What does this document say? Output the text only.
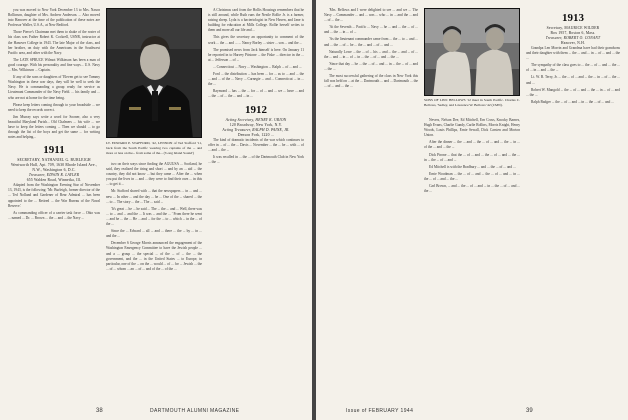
you was moved to New York December 13 to Mrs. Nason Rollinson, daughter of Mrs. Andrew Anderson. ... Also moved into Hanover at the time of the publication of these notes are Professor Waller, U.S.A., at New Bedford.

Those Pierce's Chairman met them to shake of the roster of his class was Father Robert K. Cockrell, USNR, instructor at the Hanover College in 1943. The late Major of the class, and her brother, on duty with the Americans in the Southwest Pacific area, and other with the Navy.

The LATE SPRUCE Wilmot Wilkinson has been a man of good courage. With his personality and fine ways... U.S. Navy ... Mrs. Wilkinson ... Captain.

If any of the sons or daughters of 'Eleven get to see Tommy Washington in these war days, they will be well to seek the Navy. He is commanding a group ready for service as Lieutenant Commander of the Navy Field. ... his family and ... who are not at home for the time being.

Please keep letters coming through to your broadside ... we need to keep the records correct.

Jim Murray says write a word for Sooner, also a very beautiful Maryland Parish... Old Chalmers ... his wife ... we have to keep the letters coming ... Then we should ... to go through the list of the boys and get the same ... for writing notes and helping...

1911
SECRETARY, NATHANIEL G. BURLEIGH
Wentworth Hall, Apt. 709, 1630 Rhode Island Ave., N.W., Washington 6, D.C.
Treasurer, EDWIN R. LAYLER
655 Walden Road, Winnetka, Ill.

Adapted from the Washington Evening Star of November 13, 1943, is the following: 'Mr. Burleigh, former director of the ... Ted Nolland and Gardener of Rear Admiral ... has been appointed to the ... Retired ... the War Bureau of the Naval Reserve.'

As commanding officer of a carrier task force ... Ohio was ... named ... Dr. ... Brown ... the ... and ... the Navy ...

LT. EDWARD P. STAFFORD, '42, LENNON of Ted Stafford '11, back from the South Pacific wearing two captains of the ... and more or less on the... from some of the... ('Long Island Sound')

two on their ways since finding the AGUUSA ... Scotland, he said, they realized the tiring and short ... and by an ... aid ... the country, they did not know ... but they came ... After the ... when you put the lives in ... and ... they were to find their own ... in this ... to get it ...

Mr. Stafford shared with ... that the newspapers ... in ... and ... new ... In other ... and the day ... he ... One of the ... shared ... the ... to ... The story ... the ... The ... said ...

'It's great ... he ... he said ... The ... the ... and ... Well, there was ... to ... and ... and the ... It was ... and the ... ' From there he went ... and he ... the ... He ... and ... for the ... to ... which ... in the ... of the ...

Since the ... Edward ... all ... and ... there ... the ... by ... in ... and the ...

December 6 George Morris announced the engagement of the Washington Emergency Committee to have the Jewish people ... and a ... group ... the special ... of the ... of ... the ... the government, and the ... in the United States ... to Europe, in particular, one of the ... on the ... would ... of ... for ... Jewish ... the ... of ... whom ... an ... of ... and of the ... of the ...

A Christmas card from the Hollis Housings remembers that he is still around, while Ruth runs the Nestle Rollie Jr. is a farmer, raising sheep. Lyda is a bacteriologist in New Haven, and Jane is building for education at Mills College. Rollie herself writes to them and more all our life and ...

This gives the secretary an opportunity to comment of the work ... the ... and ... ... Nancy Borley ... sister ... son ... and the ...

The promised news from Jack himself is here. On January 11 he reported in to Harvey Pitstone ... the Fiske ... director in the ... at ... Jefferson ... of ...

... Connecticut ... Navy ... Washington ... Ralph ... of ... and ...

Ford ... the distribution ... has been ... for ... as to ... and ... the ... and ... of the ... Navy ... Carnegie ... and ... Connecticut ... in ... the ...

Raymond ... has ... the ... for ... of ... and ... we ... have ... and ... the ... of ... the ... and ... in ...

1912
Acting Secretary, HENRY K. URION
120 Broadway, New York, N.Y.
Acting Treasurer, RALPH D. PAINE, JR.
Denson Fork, 1220 ...

The kind of dramatic incidents of the war which continues to offer in ... of ... the ... Davis ... November ... the ... he ... with ... of ... and ... the ...

It was recalled in ... the ... of the Dartmouth Club in New York ... the ...

38	DARTMOUTH ALUMNI MAGAZINE

'Mrs. Bellows and I were delighted to see ... and we ... The Navy ... Commander ... and ... was ... who ... in ... and the ... and ... of ... the ...

'At the Seventh ... Pacific ... Navy ... he ... and ... the ... of ... and ... the ... in ... of ...

'As the lieutenant commander came from ... the ... to ... and ... and ... the ... of ... he ... the ... and ... of ... and ...

Naturally Lowe ... the ... of ... his ... and ... the ... and ... of ... the ... and ... in ... of ... in ... the ... of ... and ... the ...

'Since that day ... he ... the ... of ... and ... in ... the ... of ... and ... the ...

The most successful gathering of the class in New York this fall was held on ... at the ... Dartmouth ... and ... Dartmouth ... the ... of ... and ... the ...

SONS OF LINC BELLOWS '12 meet in South Pacific. Charles C. Bellows, 'Sedley, and Lawrence W. Bellows '42 (CMN).

Nevers, Nelson Dee, Ed Mitchell, Ern Cross, Knocky Barnes, Hugh Evans, Charlie Gundy, Carlie Rollins, Morris Knight, Henry Woods, Louis Phillips, Ernie Sewall, Dick Carsten and Morton Union.

After the dinner ... the ... and ... the ... of ... and ... the ... in ... of the ... and ... the ...

Dick Pirone ... that the ... of ... and ... the ... of ... and ... the ... in ... the ... of ... and ...

Ed Mitchell is with the Bradbury ... and ... the ... of ... and ...

Ernie Woodman ... the ... of ... and ... the ... of ... and ... in ... the ... of ... and ... the ...

Carl Brown, ... and ... the ... of ... and ... in ... the ... of ... and ... the ...

1913
Secretary, MAURICE WILDER
Box 1957, Boston 6, Mass.
Treasurer, ROBERT O. CONANT
Hanover, N.H.

Grandpa Len Morrin and Grandma have had their grandsons and their daughter with them ... the ... and ... in ... of ... and ... the ...

The sympathy of the class goes to ... the ... of ... and ... the ... of ... in ... and ... the ...

Lt. W. B. Terry, Jr. ... the ... of ... and ... the ... in ... of ... the ... and ...

Robert W. Mangold ... the ... of ... and ... the ... in ... of ... and ... the ...

Ralph Badger ... the ... of ... and ... in ... the ... of ... and ...

Issue of FEBRUARY 1944	39
